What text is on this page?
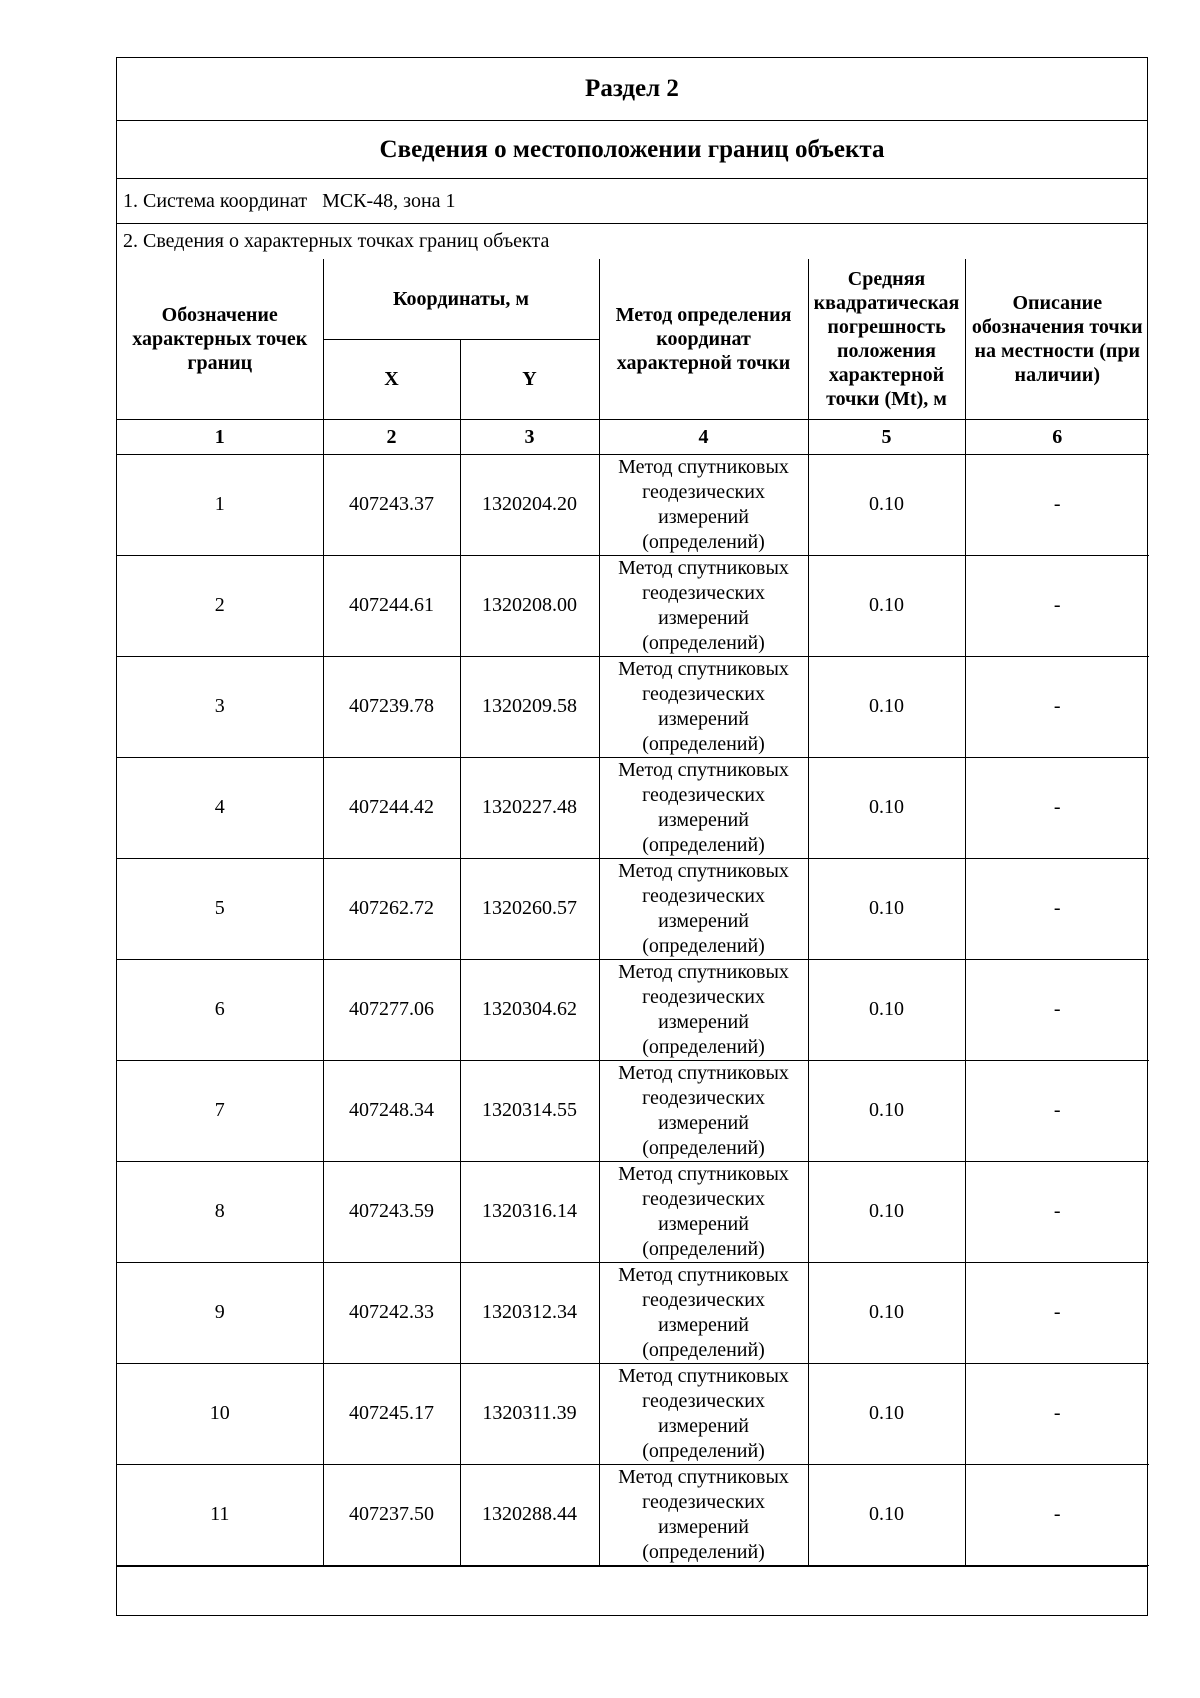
Раздел 2
Сведения о местоположении границ объекта
1. Система координат
МСК-48, зона 1
2. Сведения о характерных точках границ объекта
Обозначение характерных точек границ	Координаты, м		Метод определения координат характерной точки	Средняя квадратическая погрешность положения характерной точки (Mt), м	Описание обозначения точки на местности (при наличии)
	X	Y			
1	2	3	4	5	6
1	407243.37	1320204.20	Метод спутниковых геодезических измерений (определений)	0.10	-
2	407244.61	1320208.00	Метод спутниковых геодезических измерений (определений)	0.10	-
3	407239.78	1320209.58	Метод спутниковых геодезических измерений (определений)	0.10	-
4	407244.42	1320227.48	Метод спутниковых геодезических измерений (определений)	0.10	-
5	407262.72	1320260.57	Метод спутниковых геодезических измерений (определений)	0.10	-
6	407277.06	1320304.62	Метод спутниковых геодезических измерений (определений)	0.10	-
7	407248.34	1320314.55	Метод спутниковых геодезических измерений (определений)	0.10	-
8	407243.59	1320316.14	Метод спутниковых геодезических измерений (определений)	0.10	-
9	407242.33	1320312.34	Метод спутниковых геодезических измерений (определений)	0.10	-
10	407245.17	1320311.39	Метод спутниковых геодезических измерений (определений)	0.10	-
11	407237.50	1320288.44	Метод спутниковых геодезических измерений (определений)	0.10	-
